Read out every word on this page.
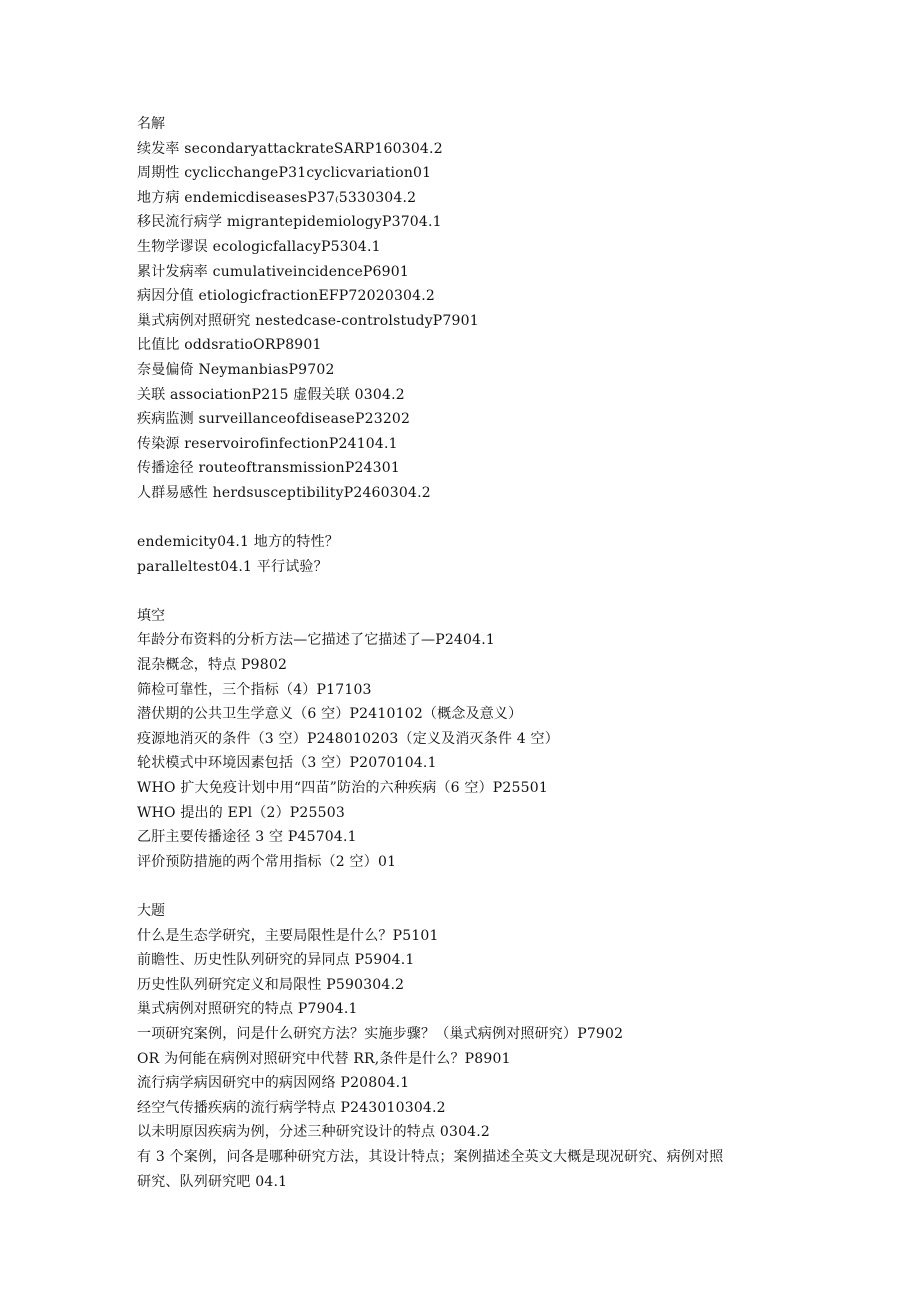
名解
续发率 secondaryattackrateSARP160304.2
周期性 cyclicchangeP31cyclicvariation01
地方病 endemicdiseasesP37₍5330304.2
移民流行病学 migrantepidemiologyP3704.1
生物学谬误 ecologicfallacyP5304.1
累计发病率 cumulativeincidenceP6901
病因分值 etiologicfractionEFP72020304.2
巢式病例对照研究 nestedcase-controlstudyP7901
比值比 oddsratioORP8901
奈曼偏倚 NeymanbiasP9702
关联 associationP215 虚假关联 0304.2
疾病监测 surveillanceofdiseaseP23202
传染源 reservoirofinfectionP24104.1
传播途径 routeoftransmissionP24301
人群易感性 herdsusceptibilityP2460304.2
endemicity04.1 地方的特性？
paralleltest04.1 平行试验？
填空
年龄分布资料的分析方法—它描述了它描述了—P2404.1
混杂概念，特点 P9802
筛检可靠性，三个指标（4）P17103
潜伏期的公共卫生学意义（6 空）P2410102（概念及意义）
疫源地消灭的条件（3 空）P248010203（定义及消灭条件 4 空）
轮状模式中环境因素包括（3 空）P2070104.1
WHO 扩大免疫计划中用“四苗”防治的六种疾病（6 空）P25501
WHO 提出的 EPl（2）P25503
乙肝主要传播途径 3 空 P45704.1
评价预防措施的两个常用指标（2 空）01
大题
什么是生态学研究，主要局限性是什么？P5101
前瞻性、历史性队列研究的异同点 P5904.1
历史性队列研究定义和局限性 P590304.2
巢式病例对照研究的特点 P7904.1
一项研究案例，问是什么研究方法？实施步骤？（巢式病例对照研究）P7902
OR 为何能在病例对照研究中代替 RR,条件是什么？P8901
流行病学病因研究中的病因网络 P20804.1
经空气传播疾病的流行病学特点 P243010304.2
以未明原因疾病为例，分述三种研究设计的特点 0304.2
有 3 个案例，问各是哪种研究方法，其设计特点；案例描述全英文大概是现况研究、病例对照
研究、队列研究吧 04.1
